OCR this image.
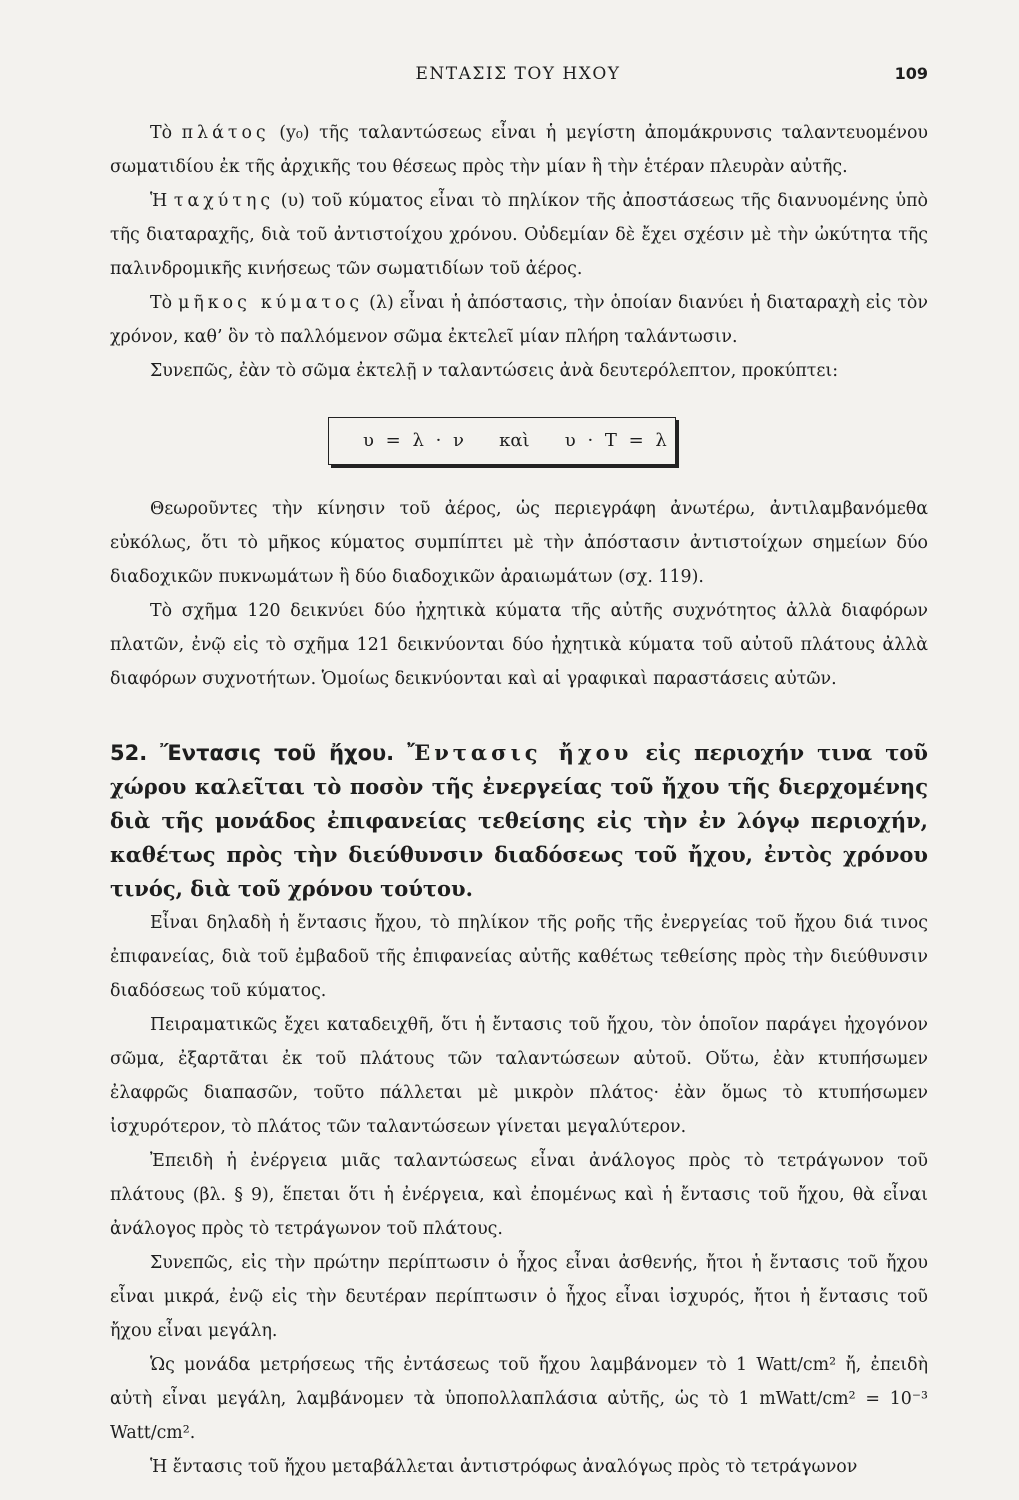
ΕΝΤΑΣΙΣ ΤΟΥ ΗΧΟΥ	109

Τὸ πλάτος (y₀) τῆς ταλαντώσεως εἶναι ἡ μεγίστη ἀπομάκρυνσις ταλαντευομένου σωματιδίου ἐκ τῆς ἀρχικῆς του θέσεως πρὸς τὴν μίαν ἢ τὴν ἑτέραν πλευρὰν αὐτῆς.

Ἡ ταχύτης (υ) τοῦ κύματος εἶναι τὸ πηλίκον τῆς ἀποστάσεως τῆς διανυομένης ὑπὸ τῆς διαταραχῆς, διὰ τοῦ ἀντιστοίχου χρόνου. Οὐδεμίαν δὲ ἔχει σχέσιν μὲ τὴν ὠκύτητα τῆς παλινδρομικῆς κινήσεως τῶν σωματιδίων τοῦ ἀέρος.

Τὸ μῆκος κύματος (λ) εἶναι ἡ ἀπόστασις, τὴν ὁποίαν διανύει ἡ διαταραχὴ εἰς τὸν χρόνον, καθ’ ὃν τὸ παλλόμενον σῶμα ἐκτελεῖ μίαν πλήρη ταλάντωσιν.

Συνεπῶς, ἐὰν τὸ σῶμα ἐκτελῇ ν ταλαντώσεις ἀνὰ δευτερόλεπτον, προκύπτει:

υ = λ · ν   καὶ   υ · T = λ

Θεωροῦντες τὴν κίνησιν τοῦ ἀέρος, ὡς περιεγράφη ἀνωτέρω, ἀντιλαμβανόμεθα εὐκόλως, ὅτι τὸ μῆκος κύματος συμπίπτει μὲ τὴν ἀπόστασιν ἀντιστοίχων σημείων δύο διαδοχικῶν πυκνωμάτων ἢ δύο διαδοχικῶν ἀραιωμάτων (σχ. 119).

Τὸ σχῆμα 120 δεικνύει δύο ἠχητικὰ κύματα τῆς αὐτῆς συχνότητος ἀλλὰ διαφόρων πλατῶν, ἐνῷ εἰς τὸ σχῆμα 121 δεικνύονται δύο ἠχητικὰ κύματα τοῦ αὐτοῦ πλάτους ἀλλὰ διαφόρων συχνοτήτων. Ὁμοίως δεικνύονται καὶ αἱ γραφικαὶ παραστάσεις αὐτῶν.

52. Ἔντασις τοῦ ἤχου. Ἔντασις ἤχου εἰς περιοχήν τινα τοῦ χώρου καλεῖται τὸ ποσὸν τῆς ἐνεργείας τοῦ ἤχου τῆς διερχομένης διὰ τῆς μονάδος ἐπιφανείας τεθείσης εἰς τὴν ἐν λόγῳ περιοχήν, καθέτως πρὸς τὴν διεύθυνσιν διαδόσεως τοῦ ἤχου, ἐντὸς χρόνου τινός, διὰ τοῦ χρόνου τούτου.

Εἶναι δηλαδὴ ἡ ἔντασις ἤχου, τὸ πηλίκον τῆς ροῆς τῆς ἐνεργείας τοῦ ἤχου διά τινος ἐπιφανείας, διὰ τοῦ ἐμβαδοῦ τῆς ἐπιφανείας αὐτῆς καθέτως τεθείσης πρὸς τὴν διεύθυνσιν διαδόσεως τοῦ κύματος.

Πειραματικῶς ἔχει καταδειχθῆ, ὅτι ἡ ἔντασις τοῦ ἤχου, τὸν ὁποῖον παράγει ἠχογόνον σῶμα, ἐξαρτᾶται ἐκ τοῦ πλάτους τῶν ταλαντώσεων αὐτοῦ. Οὕτω, ἐὰν κτυπήσωμεν ἐλαφρῶς διαπασῶν, τοῦτο πάλλεται μὲ μικρὸν πλάτος· ἐὰν ὅμως τὸ κτυπήσωμεν ἰσχυρότερον, τὸ πλάτος τῶν ταλαντώσεων γίνεται μεγαλύτερον.

Ἐπειδὴ ἡ ἐνέργεια μιᾶς ταλαντώσεως εἶναι ἀνάλογος πρὸς τὸ τετράγωνον τοῦ πλάτους (βλ. § 9), ἕπεται ὅτι ἡ ἐνέργεια, καὶ ἐπομένως καὶ ἡ ἔντασις τοῦ ἤχου, θὰ εἶναι ἀνάλογος πρὸς τὸ τετράγωνον τοῦ πλάτους.

Συνεπῶς, εἰς τὴν πρώτην περίπτωσιν ὁ ἦχος εἶναι ἀσθενής, ἤτοι ἡ ἔντασις τοῦ ἤχου εἶναι μικρά, ἐνῷ εἰς τὴν δευτέραν περίπτωσιν ὁ ἦχος εἶναι ἰσχυρός, ἤτοι ἡ ἔντασις τοῦ ἤχου εἶναι μεγάλη.

Ὡς μονάδα μετρήσεως τῆς ἐντάσεως τοῦ ἤχου λαμβάνομεν τὸ 1 Watt/cm² ἤ, ἐπειδὴ αὐτὴ εἶναι μεγάλη, λαμβάνομεν τὰ ὑποπολλαπλάσια αὐτῆς, ὡς τὸ 1 mWatt/cm² = 10⁻³ Watt/cm².

Ἡ ἔντασις τοῦ ἤχου μεταβάλλεται ἀντιστρόφως ἀναλόγως πρὸς τὸ τετράγωνον
